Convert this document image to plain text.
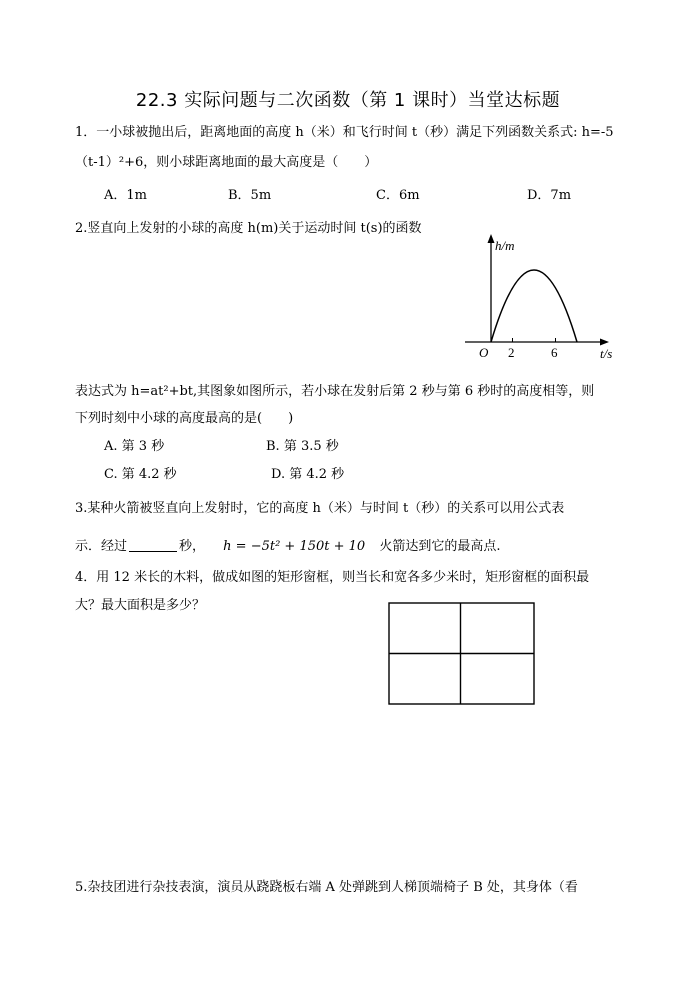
22.3 实际问题与二次函数（第 1 课时）当堂达标题
1．一小球被抛出后，距离地面的高度 h（米）和飞行时间 t（秒）满足下列函数关系式: h=-5
（t-1）²+6，则小球距离地面的最大高度是（　　）
A．1m	B．5m	C．6m	D．7m
2.竖直向上发射的小球的高度 h(m)关于运动时间 t(s)的函数
h/m
O 2	6	t/s
表达式为 h=at²+bt,其图象如图所示，若小球在发射后第 2 秒与第 6 秒时的高度相等，则
下列时刻中小球的高度最高的是(　　)
A. 第 3 秒	B. 第 3.5 秒
C. 第 4.2 秒	D. 第 4.2 秒
3.某种火箭被竖直向上发射时，它的高度 h（米）与时间 t（秒）的关系可以用公式表
示．经过	秒， h = −5t² + 150t + 10 火箭达到它的最高点.
4．用 12 米长的木料，做成如图的矩形窗框，则当长和宽各多少米时，矩形窗框的面积最
大？最大面积是多少？
5.杂技团进行杂技表演，演员从跷跷板右端 A 处弹跳到人梯顶端椅子 B 处，其身体（看
